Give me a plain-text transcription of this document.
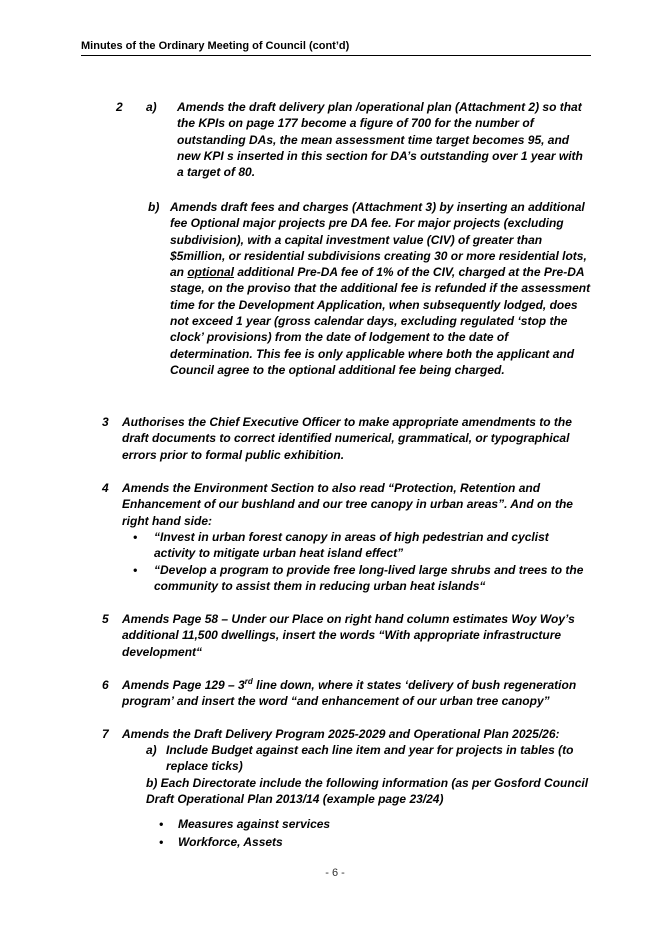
Minutes of the Ordinary Meeting of Council (cont’d)
2 a) Amends the draft delivery plan /operational plan (Attachment 2) so that the KPIs on page 177 become a figure of 700 for the number of outstanding DAs, the mean assessment time target becomes 95, and new KPI s inserted in this section for DA’s outstanding over 1 year with a target of 80.
b) Amends draft fees and charges (Attachment 3) by inserting an additional fee Optional major projects pre DA fee. For major projects (excluding subdivision), with a capital investment value (CIV) of greater than $5million, or residential subdivisions creating 30 or more residential lots, an optional additional Pre-DA fee of 1% of the CIV, charged at the Pre-DA stage, on the proviso that the additional fee is refunded if the assessment time for the Development Application, when subsequently lodged, does not exceed 1 year (gross calendar days, excluding regulated ‘stop the clock’ provisions) from the date of lodgement to the date of determination. This fee is only applicable where both the applicant and Council agree to the optional additional fee being charged.
3 Authorises the Chief Executive Officer to make appropriate amendments to the draft documents to correct identified numerical, grammatical, or typographical errors prior to formal public exhibition.
4 Amends the Environment Section to also read “Protection, Retention and Enhancement of our bushland and our tree canopy in urban areas”. And on the right hand side:
• “Invest in urban forest canopy in areas of high pedestrian and cyclist activity to mitigate urban heat island effect”
• “Develop a program to provide free long-lived large shrubs and trees to the community to assist them in reducing urban heat islands“
5 Amends Page 58 – Under our Place on right hand column estimates Woy Woy’s additional 11,500 dwellings, insert the words “With appropriate infrastructure development“
6 Amends Page 129 – 3rd line down, where it states ‘delivery of bush regeneration program’ and insert the word “and enhancement of our urban tree canopy”
7 Amends the Draft Delivery Program 2025-2029 and Operational Plan 2025/26:
a) Include Budget against each line item and year for projects in tables (to replace ticks)
b) Each Directorate include the following information (as per Gosford Council Draft Operational Plan 2013/14 (example page 23/24)
• Measures against services
• Workforce, Assets
- 6 -
